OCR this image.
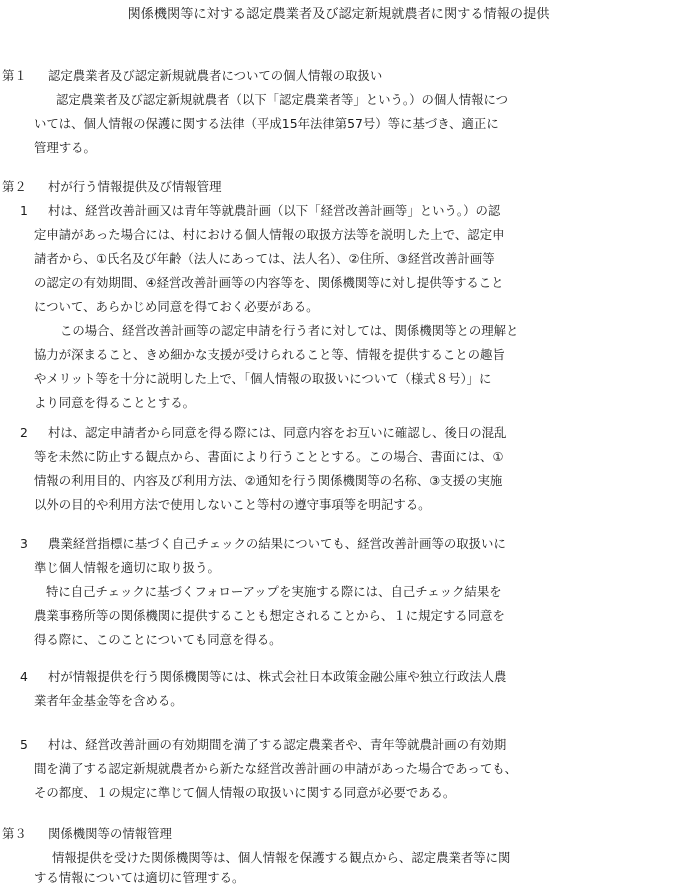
関係機関等に対する認定農業者及び認定新規就農者に関する情報の提供
第１ 認定農業者及び認定新規就農者についての個人情報の取扱い
認定農業者及び認定新規就農者（以下「認定農業者等」という。）の個人情報につ
いては、個人情報の保護に関する法律（平成15年法律第57号）等に基づき、適正に
管理する。
第２ 村が行う情報提供及び情報管理
1 村は、経営改善計画又は青年等就農計画（以下「経営改善計画等」という。）の認
定申請があった場合には、村における個人情報の取扱方法等を説明した上で、認定申
請者から、①氏名及び年齢（法人にあっては、法人名）、②住所、③経営改善計画等
の認定の有効期間、④経営改善計画等の内容等を、関係機関等に対し提供等すること
について、あらかじめ同意を得ておく必要がある。
この場合、経営改善計画等の認定申請を行う者に対しては、関係機関等との理解と
協力が深まること、きめ細かな支援が受けられること等、情報を提供することの趣旨
やメリット等を十分に説明した上で、「個人情報の取扱いについて（様式８号）」に
より同意を得ることとする。
2 村は、認定申請者から同意を得る際には、同意内容をお互いに確認し、後日の混乱
等を未然に防止する観点から、書面により行うこととする。この場合、書面には、①
情報の利用目的、内容及び利用方法、②通知を行う関係機関等の名称、③支援の実施
以外の目的や利用方法で使用しないこと等村の遵守事項等を明記する。
3 農業経営指標に基づく自己チェックの結果についても、経営改善計画等の取扱いに
準じ個人情報を適切に取り扱う。
特に自己チェックに基づくフォローアップを実施する際には、自己チェック結果を
農業事務所等の関係機関に提供することも想定されることから、１に規定する同意を
得る際に、このことについても同意を得る。
4 村が情報提供を行う関係機関等には、株式会社日本政策金融公庫や独立行政法人農
業者年金基金等を含める。
5 村は、経営改善計画の有効期間を満了する認定農業者や、青年等就農計画の有効期
間を満了する認定新規就農者から新たな経営改善計画の申請があった場合であっても、
その都度、１の規定に準じて個人情報の取扱いに関する同意が必要である。
第３ 関係機関等の情報管理
情報提供を受けた関係機関等は、個人情報を保護する観点から、認定農業者等に関
する情報については適切に管理する。
